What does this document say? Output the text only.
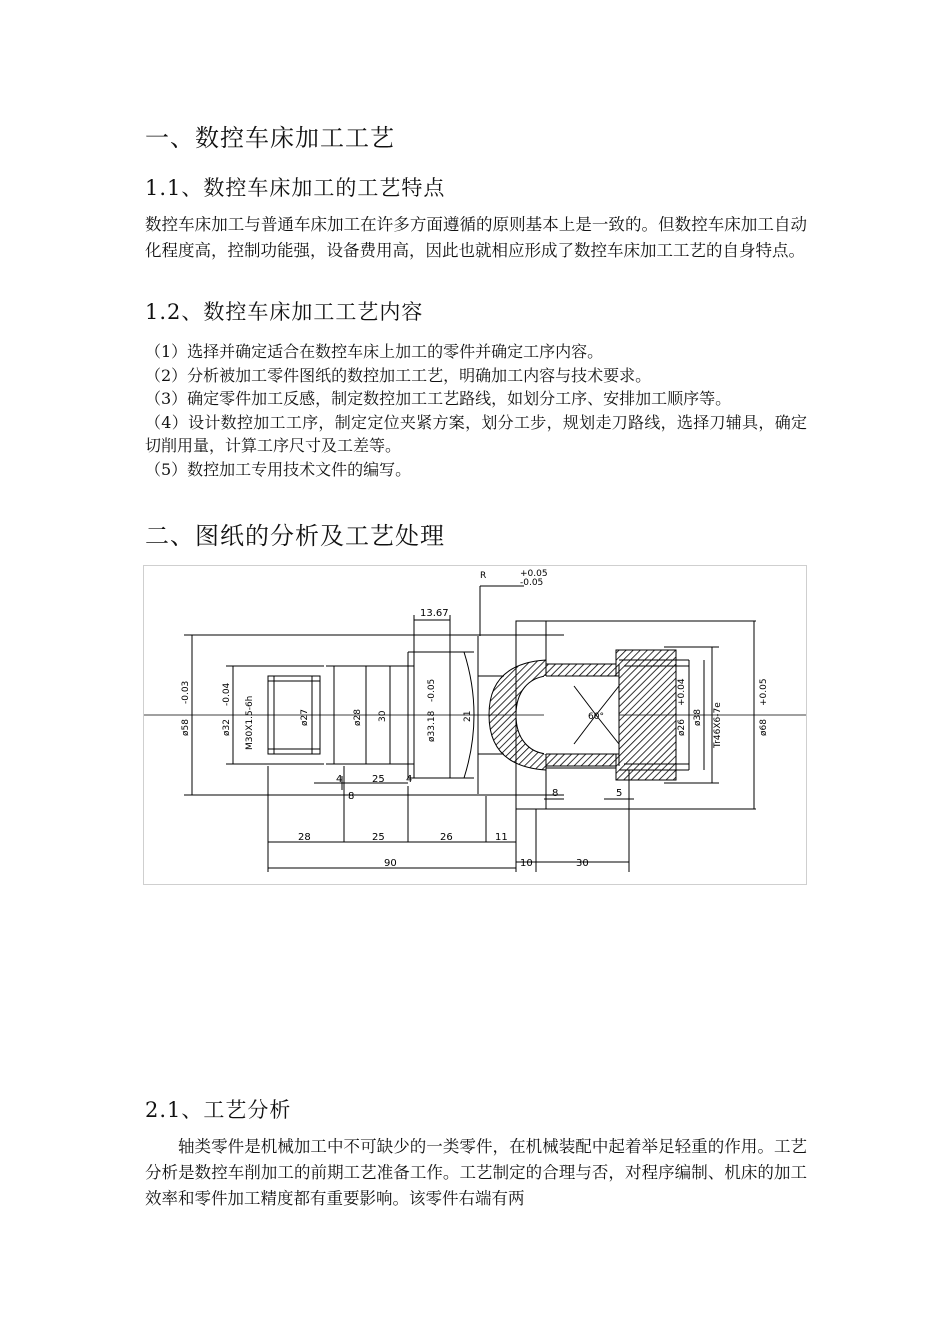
一、数控车床加工工艺
1.1、数控车床加工的工艺特点

数控车床加工与普通车床加工在许多方面遵循的原则基本上是一致的。但数控车床加工自动化程度高，控制功能强，设备费用高，因此也就相应形成了数控车床加工工艺的自身特点。

1.2、数控车床加工工艺内容
（1）选择并确定适合在数控车床上加工的零件并确定工序内容。
（2）分析被加工零件图纸的数控加工工艺，明确加工内容与技术要求。
（3）确定零件加工反感，制定数控加工工艺路线，如划分工序、安排加工顺序等。
（4）设计数控加工工序，制定定位夹紧方案，划分工步，规划走刀路线，选择刀辅具，确定切削用量，计算工序尺寸及工差等。
（5）数控加工专用技术文件的编写。
二、图纸的分析及工艺处理
13.67
R	+0.05
-0.05
ø58
-0.03
ø32
-0.04
M30X1.5-6h	ø27	ø28 30	ø33.18
-0.05
21	60°
ø26
+0.04
ø38 Tr46X6-7e	ø68
+0.05
4	25 4
8	8	5
28	25	26	11
90	10	30
2.1、工艺分析

轴类零件是机械加工中不可缺少的一类零件，在机械装配中起着举足轻重的作用。工艺分析是数控车削加工的前期工艺准备工作。工艺制定的合理与否，对程序编制、机床的加工效率和零件加工精度都有重要影响。该零件右端有两
